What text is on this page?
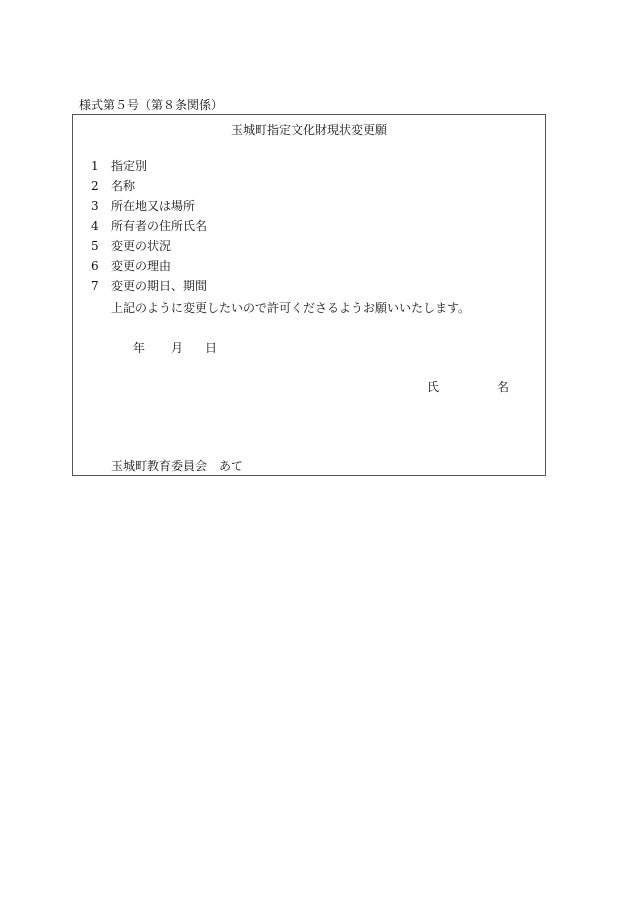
様式第５号（第８条関係）
玉城町指定文化財現状変更願
1 指定別
2 名称
3 所在地又は場所
4 所有者の住所氏名
5 変更の状況
6 変更の理由
7 変更の期日、期間
上記のように変更したいので許可くださるようお願いいたします。
年 月 日
氏	名
玉城町教育委員会　あて
